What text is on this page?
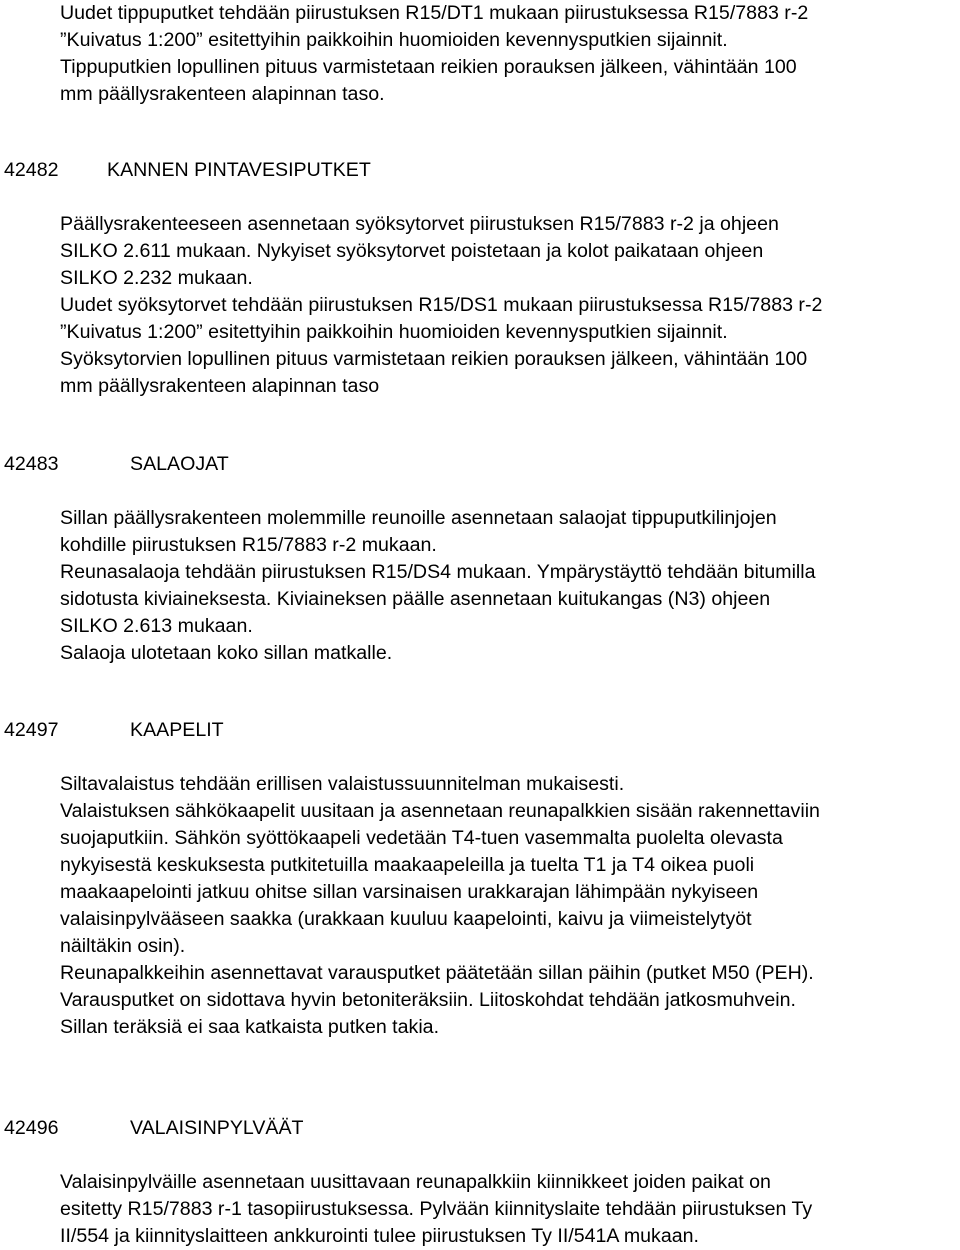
Uudet tippuputket tehdään piirustuksen R15/DT1 mukaan piirustuksessa R15/7883 r-2
”Kuivatus 1:200” esitettyihin paikkoihin huomioiden kevennysputkien sijainnit.
Tippuputkien lopullinen pituus varmistetaan reikien porauksen jälkeen, vähintään 100
mm päällysrakenteen alapinnan taso.
42482 KANNEN PINTAVESIPUTKET
Päällysrakenteeseen asennetaan syöksytorvet piirustuksen R15/7883 r-2 ja ohjeen
SILKO 2.611 mukaan. Nykyiset syöksytorvet poistetaan ja kolot paikataan ohjeen
SILKO 2.232 mukaan.
Uudet syöksytorvet tehdään piirustuksen R15/DS1 mukaan piirustuksessa R15/7883 r-2
”Kuivatus 1:200” esitettyihin paikkoihin huomioiden kevennysputkien sijainnit.
Syöksytorvien lopullinen pituus varmistetaan reikien porauksen jälkeen, vähintään 100
mm päällysrakenteen alapinnan taso
42483	SALAOJAT
Sillan päällysrakenteen molemmille reunoille asennetaan salaojat tippuputkilinjojen
kohdille piirustuksen R15/7883 r-2 mukaan.
Reunasalaoja tehdään piirustuksen R15/DS4 mukaan. Ympärystäyttö tehdään bitumilla
sidotusta kiviaineksesta. Kiviaineksen päälle asennetaan kuitukangas (N3) ohjeen
SILKO 2.613 mukaan.
Salaoja ulotetaan koko sillan matkalle.
42497	KAAPELIT
Siltavalaistus tehdään erillisen valaistussuunnitelman mukaisesti.
Valaistuksen sähkökaapelit uusitaan ja asennetaan reunapalkkien sisään rakennettaviin
suojaputkiin. Sähkön syöttökaapeli vedetään T4-tuen vasemmalta puolelta olevasta
nykyisestä keskuksesta putkitetuilla maakaapeleilla ja tuelta T1 ja T4 oikea puoli
maakaapelointi jatkuu ohitse sillan varsinaisen urakkarajan lähimpään nykyiseen
valaisinpylvääseen saakka (urakkaan kuuluu kaapelointi, kaivu ja viimeistelytyöt
näiltäkin osin).
Reunapalkkeihin asennettavat varausputket päätetään sillan päihin (putket M50 (PEH).
Varausputket on sidottava hyvin betoniteräksiin. Liitoskohdat tehdään jatkosmuhvein.
Sillan teräksiä ei saa katkaista putken takia.
42496	VALAISINPYLVÄÄT
Valaisinpylväille asennetaan uusittavaan reunapalkkiin kiinnikkeet joiden paikat on
esitetty R15/7883 r-1 tasopiirustuksessa. Pylvään kiinnityslaite tehdään piirustuksen Ty
II/554 ja kiinnityslaitteen ankkurointi tulee piirustuksen Ty II/541A mukaan.
